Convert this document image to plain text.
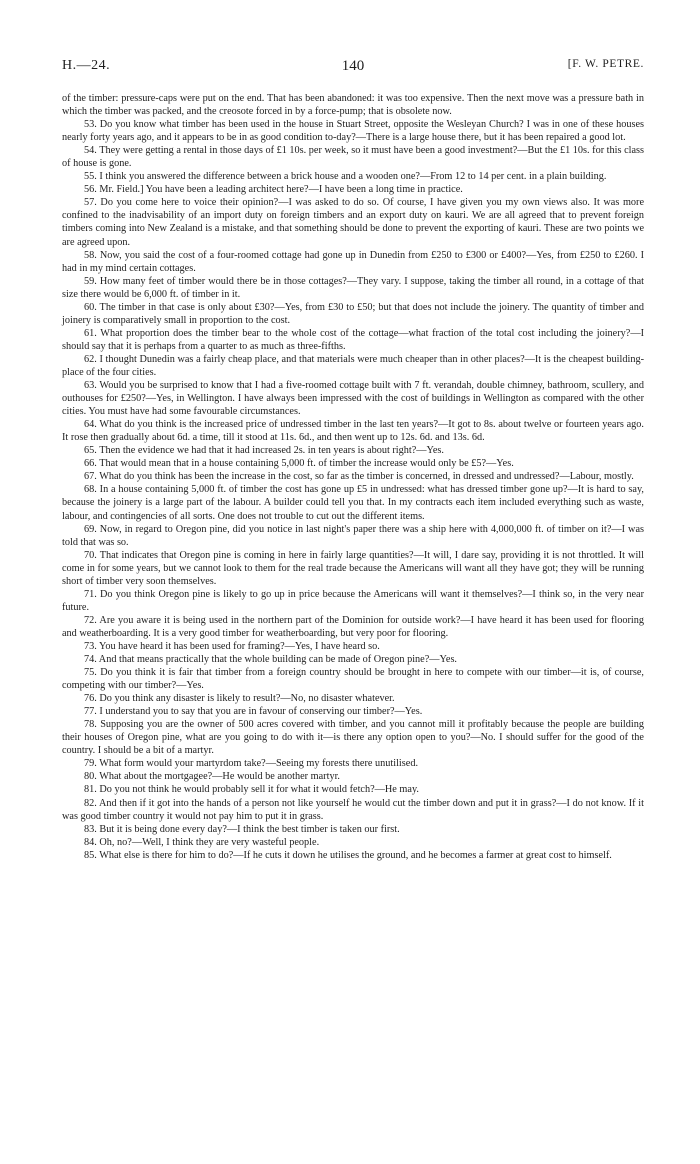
H.—24.	140	[F. W. PETRE.

of the timber: pressure-caps were put on the end. That has been abandoned: it was too expensive. Then the next move was a pressure bath in which the timber was packed, and the creosote forced in by a force-pump; that is obsolete now.

53. Do you know what timber has been used in the house in Stuart Street, opposite the Wesleyan Church? I was in one of these houses nearly forty years ago, and it appears to be in as good condition to-day?—There is a large house there, but it has been repaired a good lot.

54. They were getting a rental in those days of £1 10s. per week, so it must have been a good investment?—But the £1 10s. for this class of house is gone.

55. I think you answered the difference between a brick house and a wooden one?—From 12 to 14 per cent. in a plain building.

56. Mr. Field.] You have been a leading architect here?—I have been a long time in practice.

57. Do you come here to voice their opinion?—I was asked to do so. Of course, I have given you my own views also. It was more confined to the inadvisability of an import duty on foreign timbers and an export duty on kauri. We are all agreed that to prevent foreign timbers coming into New Zealand is a mistake, and that something should be done to prevent the exporting of kauri. These are two points we are agreed upon.

58. Now, you said the cost of a four-roomed cottage had gone up in Dunedin from £250 to £300 or £400?—Yes, from £250 to £260. I had in my mind certain cottages.

59. How many feet of timber would there be in those cottages?—They vary. I suppose, taking the timber all round, in a cottage of that size there would be 6,000 ft. of timber in it.

60. The timber in that case is only about £30?—Yes, from £30 to £50; but that does not include the joinery. The quantity of timber and joinery is comparatively small in proportion to the cost.

61. What proportion does the timber bear to the whole cost of the cottage—what fraction of the total cost including the joinery?—I should say that it is perhaps from a quarter to as much as three-fifths.

62. I thought Dunedin was a fairly cheap place, and that materials were much cheaper than in other places?—It is the cheapest building-place of the four cities.

63. Would you be surprised to know that I had a five-roomed cottage built with 7 ft. verandah, double chimney, bathroom, scullery, and outhouses for £250?—Yes, in Wellington. I have always been impressed with the cost of buildings in Wellington as compared with the other cities. You must have had some favourable circumstances.

64. What do you think is the increased price of undressed timber in the last ten years?—It got to 8s. about twelve or fourteen years ago. It rose then gradually about 6d. a time, till it stood at 11s. 6d., and then went up to 12s. 6d. and 13s. 6d.

65. Then the evidence we had that it had increased 2s. in ten years is about right?—Yes.

66. That would mean that in a house containing 5,000 ft. of timber the increase would only be £5?—Yes.

67. What do you think has been the increase in the cost, so far as the timber is concerned, in dressed and undressed?—Labour, mostly.

68. In a house containing 5,000 ft. of timber the cost has gone up £5 in undressed: what has dressed timber gone up?—It is hard to say, because the joinery is a large part of the labour. A builder could tell you that. In my contracts each item included everything such as waste, labour, and contingencies of all sorts. One does not trouble to cut out the different items.

69. Now, in regard to Oregon pine, did you notice in last night's paper there was a ship here with 4,000,000 ft. of timber on it?—I was told that was so.

70. That indicates that Oregon pine is coming in here in fairly large quantities?—It will, I dare say, providing it is not throttled. It will come in for some years, but we cannot look to them for the real trade because the Americans will want all they have got; they will be running short of timber very soon themselves.

71. Do you think Oregon pine is likely to go up in price because the Americans will want it themselves?—I think so, in the very near future.

72. Are you aware it is being used in the northern part of the Dominion for outside work?—I have heard it has been used for flooring and weatherboarding. It is a very good timber for weatherboarding, but very poor for flooring.

73. You have heard it has been used for framing?—Yes, I have heard so.

74. And that means practically that the whole building can be made of Oregon pine?—Yes.

75. Do you think it is fair that timber from a foreign country should be brought in here to compete with our timber—it is, of course, competing with our timber?—Yes.

76. Do you think any disaster is likely to result?—No, no disaster whatever.

77. I understand you to say that you are in favour of conserving our timber?—Yes.

78. Supposing you are the owner of 500 acres covered with timber, and you cannot mill it profitably because the people are building their houses of Oregon pine, what are you going to do with it—is there any option open to you?—No. I should suffer for the good of the country. I should be a bit of a martyr.

79. What form would your martyrdom take?—Seeing my forests there unutilised.

80. What about the mortgagee?—He would be another martyr.

81. Do you not think he would probably sell it for what it would fetch?—He may.

82. And then if it got into the hands of a person not like yourself he would cut the timber down and put it in grass?—I do not know. If it was good timber country it would not pay him to put it in grass.

83. But it is being done every day?—I think the best timber is taken our first.

84. Oh, no?—Well, I think they are very wasteful people.

85. What else is there for him to do?—If he cuts it down he utilises the ground, and he becomes a farmer at great cost to himself.
